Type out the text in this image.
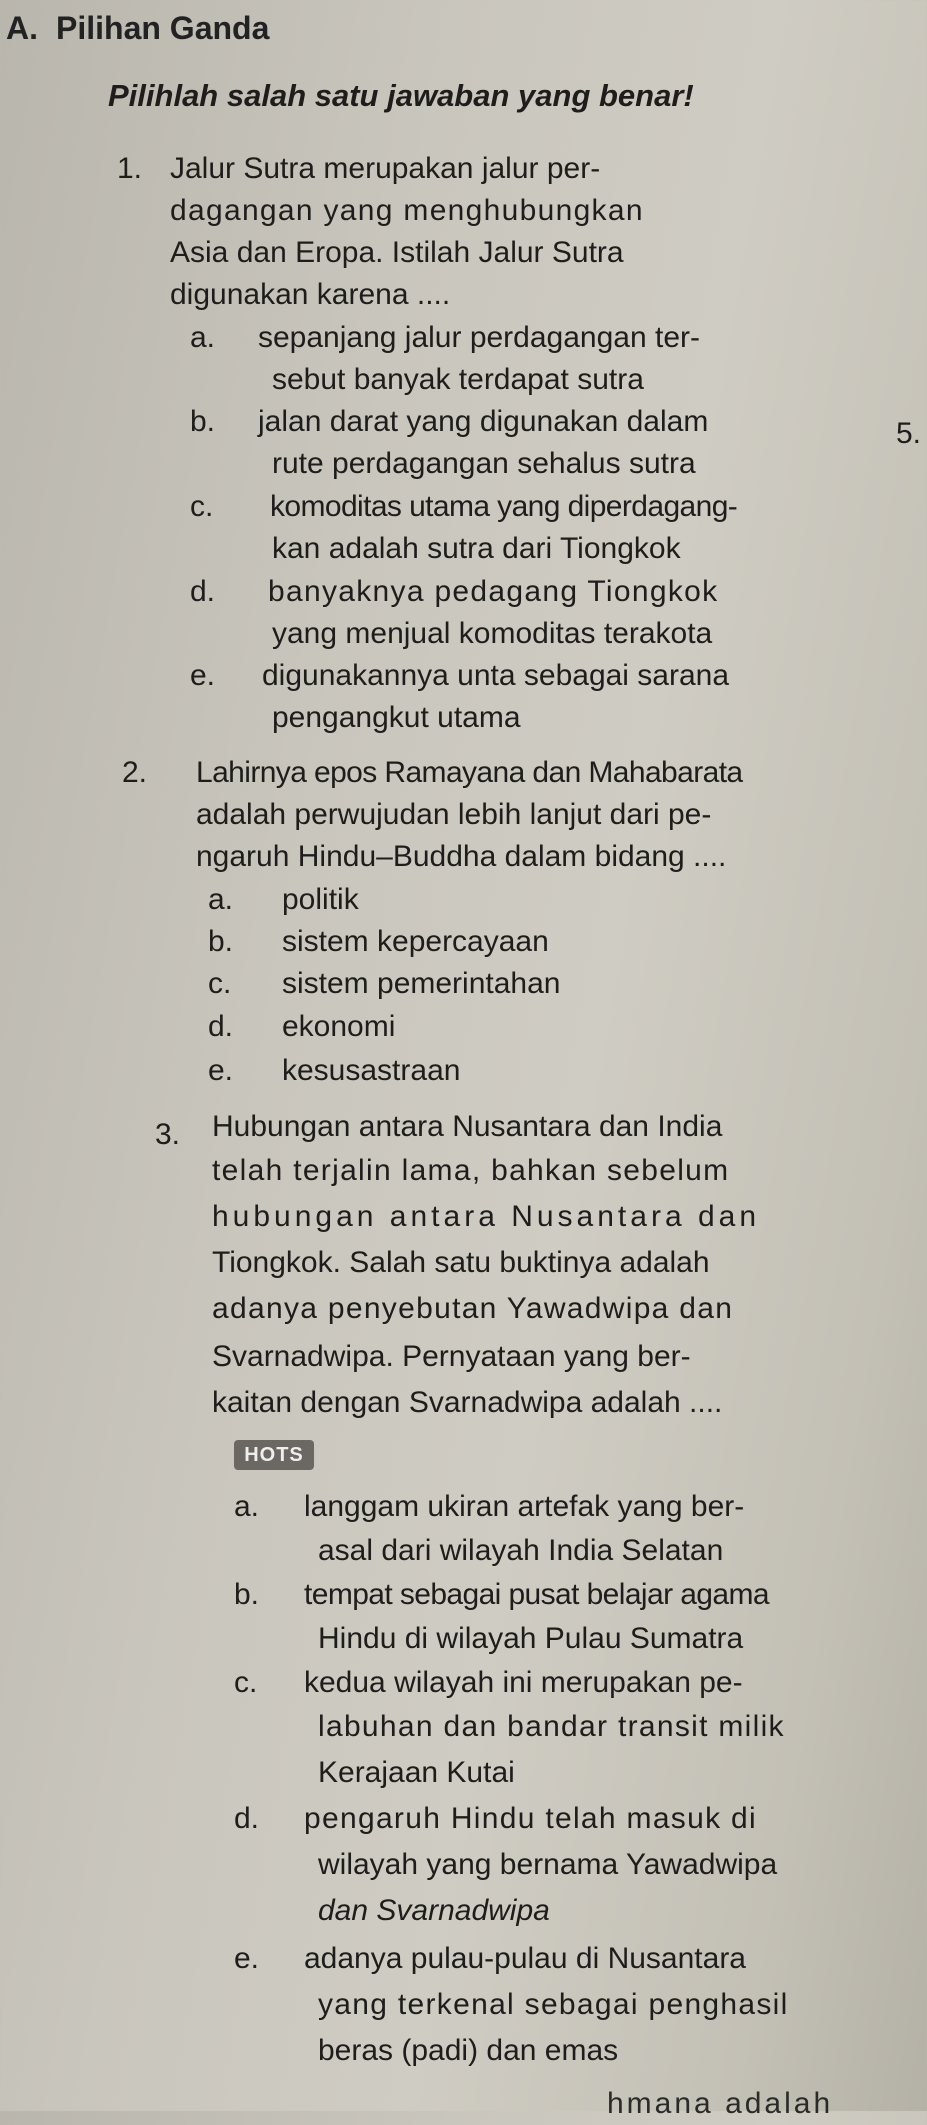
A. Pilihan Ganda
Pilihlah salah satu jawaban yang benar!
1. Jalur Sutra merupakan jalur per-
dagangan yang menghubungkan
Asia dan Eropa. Istilah Jalur Sutra
digunakan karena ....
a. sepanjang jalur perdagangan ter-
sebut banyak terdapat sutra
b. jalan darat yang digunakan dalam
rute perdagangan sehalus sutra
5.
c. komoditas utama yang diperdagang-
kan adalah sutra dari Tiongkok
d. banyaknya pedagang Tiongkok
yang menjual komoditas terakota
e. digunakannya unta sebagai sarana
pengangkut utama
2. Lahirnya epos Ramayana dan Mahabarata
adalah perwujudan lebih lanjut dari pe-
ngaruh Hindu–Buddha dalam bidang ....
a. politik
b. sistem kepercayaan
c. sistem pemerintahan
d. ekonomi
e. kesusastraan
3. Hubungan antara Nusantara dan India
telah terjalin lama, bahkan sebelum
hubungan antara Nusantara dan
Tiongkok. Salah satu buktinya adalah
adanya penyebutan Yawadwipa dan
Svarnadwipa. Pernyataan yang ber-
kaitan dengan Svarnadwipa adalah ....
HOTS
a. langgam ukiran artefak yang ber-
asal dari wilayah India Selatan
b. tempat sebagai pusat belajar agama
Hindu di wilayah Pulau Sumatra
c. kedua wilayah ini merupakan pe-
labuhan dan bandar transit milik
Kerajaan Kutai
d. pengaruh Hindu telah masuk di
wilayah yang bernama Yawadwipa
dan Svarnadwipa
e. adanya pulau-pulau di Nusantara
yang terkenal sebagai penghasil
beras (padi) dan emas
hmana adalah
